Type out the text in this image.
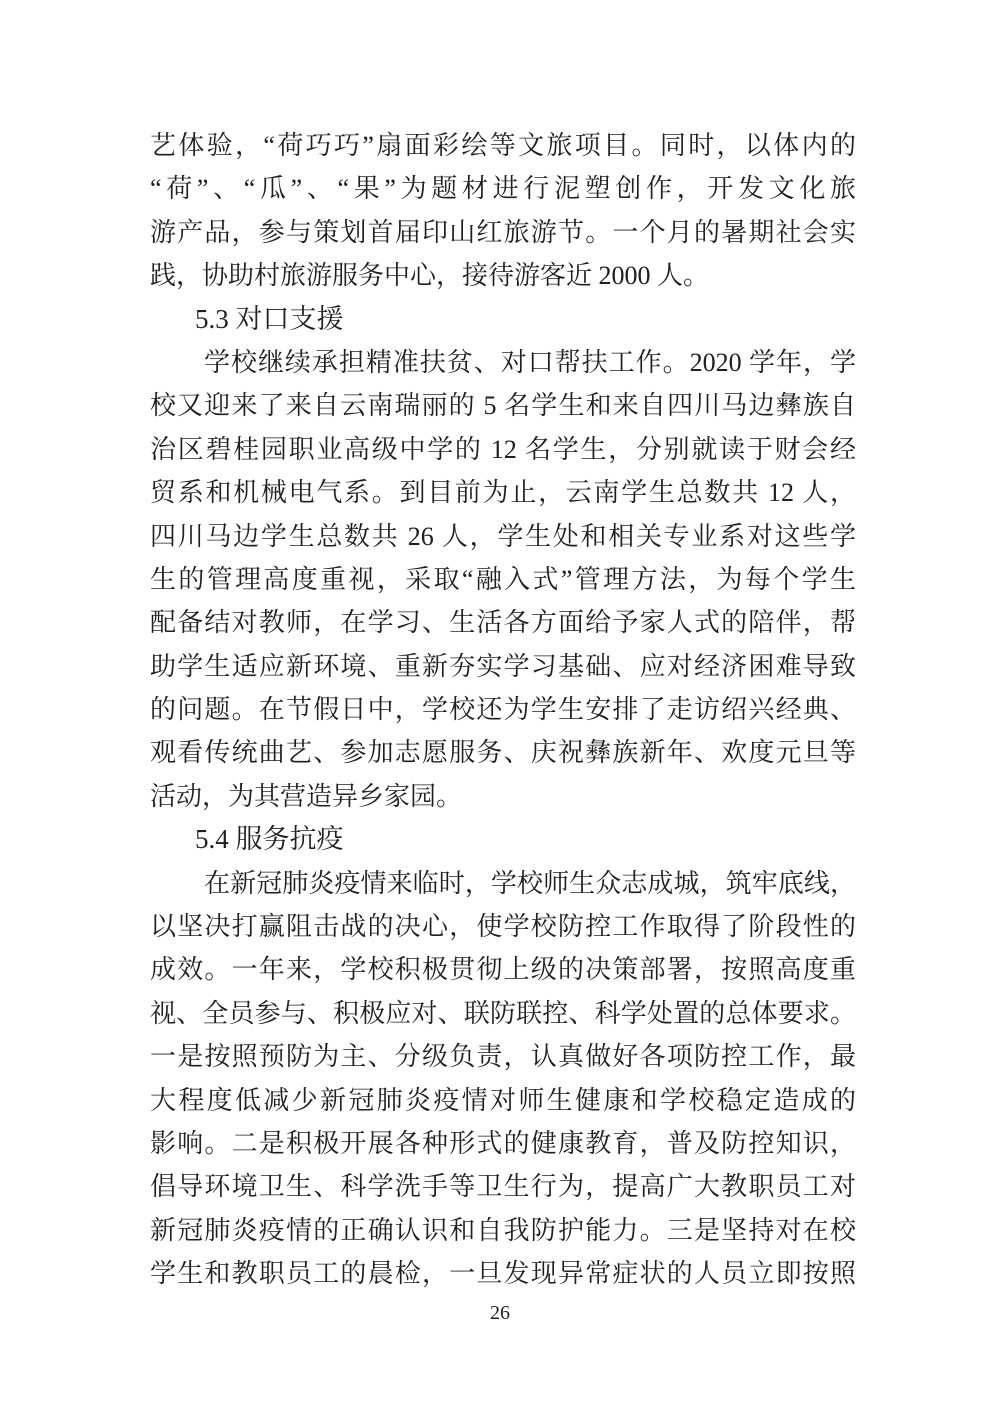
艺体验，“荷巧巧”扇面彩绘等文旅项目。同时，以体内的
“荷”、“瓜”、“果”为题材进行泥塑创作，开发文化旅
游产品，参与策划首届印山红旅游节。一个月的暑期社会实
践，协助村旅游服务中心，接待游客近 2000 人。
5.3 对口支援
学校继续承担精准扶贫、对口帮扶工作。2020 学年，学
校又迎来了来自云南瑞丽的 5 名学生和来自四川马边彝族自
治区碧桂园职业高级中学的 12 名学生，分别就读于财会经
贸系和机械电气系。到目前为止，云南学生总数共 12 人，
四川马边学生总数共 26 人，学生处和相关专业系对这些学
生的管理高度重视，采取“融入式”管理方法，为每个学生
配备结对教师，在学习、生活各方面给予家人式的陪伴，帮
助学生适应新环境、重新夯实学习基础、应对经济困难导致
的问题。在节假日中，学校还为学生安排了走访绍兴经典、
观看传统曲艺、参加志愿服务、庆祝彝族新年、欢度元旦等
活动，为其营造异乡家园。
5.4 服务抗疫
在新冠肺炎疫情来临时，学校师生众志成城，筑牢底线，
以坚决打赢阻击战的决心，使学校防控工作取得了阶段性的
成效。一年来，学校积极贯彻上级的决策部署，按照高度重
视、全员参与、积极应对、联防联控、科学处置的总体要求。
一是按照预防为主、分级负责，认真做好各项防控工作，最
大程度低减少新冠肺炎疫情对师生健康和学校稳定造成的
影响。二是积极开展各种形式的健康教育，普及防控知识，
倡导环境卫生、科学洗手等卫生行为，提高广大教职员工对
新冠肺炎疫情的正确认识和自我防护能力。三是坚持对在校
学生和教职员工的晨检，一旦发现异常症状的人员立即按照
26
